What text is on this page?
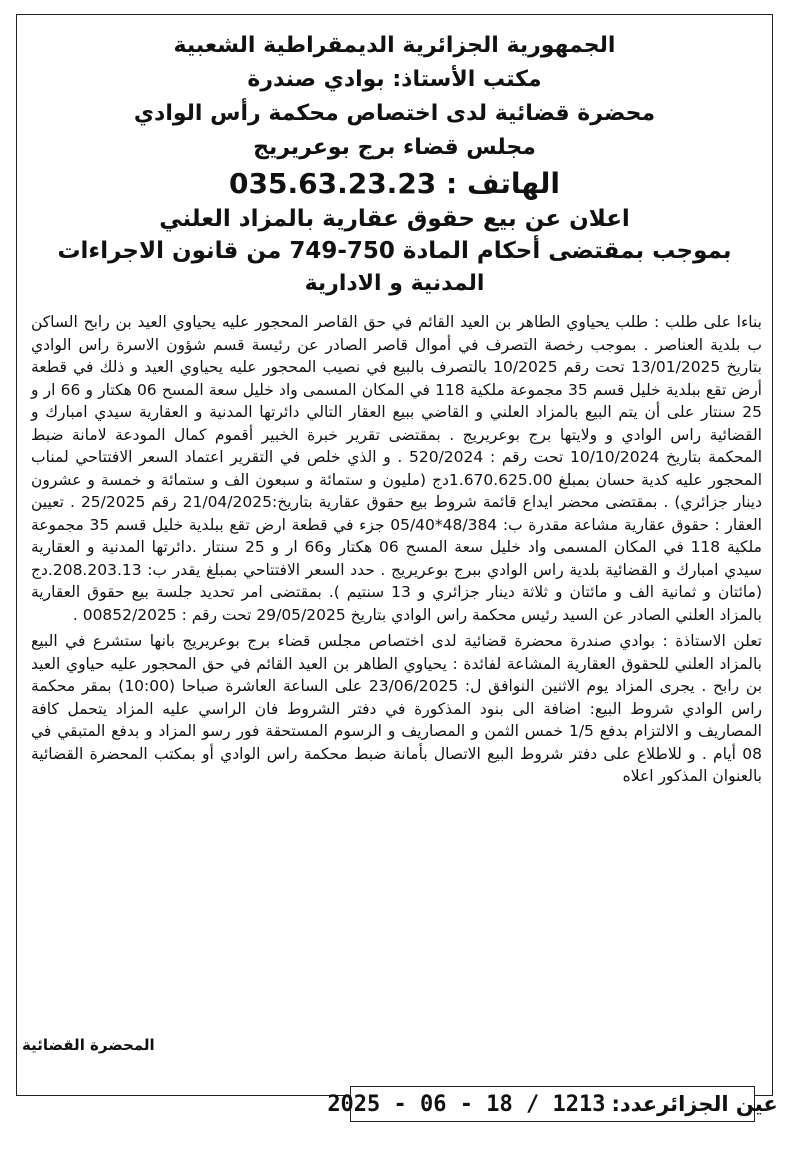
الجمهورية الجزائرية الديمقراطية الشعبية
مكتب الأستاذ: بوادي صندرة
محضرة قضائية لدى اختصاص محكمة رأس الوادي
مجلس قضاء برج بوعريريج
الهاتف : 035.63.23.23
اعلان عن بيع حقوق عقارية بالمزاد العلني
بموجب بمقتضى أحكام المادة 750-749 من قانون الاجراءات
المدنية و الادارية

بناءا على طلب : طلب يحياوي الطاهر بن العيد القائم في حق القاصر المحجور عليه يحياوي العيد بن رابح الساكن ب بلدية العناصر . بموجب رخصة التصرف في أموال قاصر الصادر عن رئيسة قسم شؤون الاسرة راس الوادي بتاريخ 13/01/2025 تحت رقم 10/2025 بالتصرف بالبيع في نصيب المحجور عليه يحياوي العيد و ذلك في قطعة أرض تقع ببلدية خليل قسم 35 مجموعة ملكية 118 في المكان المسمى واد خليل سعة المسح 06 هكتار و 66 ار و 25 سنتار على أن يتم البيع بالمزاد العلني و القاضي ببيع العقار التالي دائرتها المدنية و العقارية سيدي امبارك و القضائية راس الوادي و ولايتها برج بوعريريج . بمقتضى تقرير خبرة الخبير أقموم كمال المودعة لامانة ضبط المحكمة بتاريخ 10/10/2024 تحت رقم : 520/2024 . و الذي خلص في التقرير اعتماد السعر الافتتاحي لمناب المحجور عليه كدية حسان بمبلغ 1.670.625.00دج (مليون و ستمائة و سبعون الف و ستمائة و خمسة و عشرون دينار جزائري) . بمقتضى محضر ايداع قائمة شروط بيع حقوق عقارية بتاريخ:21/04/2025 رقم 25/2025 . تعيين العقار : حقوق عقارية مشاعة مقدرة ب: 48/384*05/40 جزء في قطعة ارض تقع ببلدية خليل قسم 35 مجموعة ملكية 118 في المكان المسمى واد خليل سعة المسح 06 هكتار و66 ار و 25 سنتار .دائرتها المدنية و العقارية سيدي امبارك و القضائية بلدية راس الوادي ببرج بوعريريج . حدد السعر الافتتاحي بمبلغ يقدر ب: 208.203.13.دج (مائتان و ثمانية الف و مائتان و ثلاثة دينار جزائري و 13 سنتيم ). بمقتضى امر تحديد جلسة بيع حقوق العقارية بالمزاد العلني الصادر عن السيد رئيس محكمة راس الوادي بتاريخ 29/05/2025 تحت رقم : 00852/2025 .

تعلن الاستاذة : بوادي صندرة محضرة قضائية لدى اختصاص مجلس قضاء برج بوعريريج بانها ستشرع في البيع بالمزاد العلني للحقوق العقارية المشاعة لفائدة : يحياوي الطاهر بن العيد القائم في حق المحجور عليه حياوي العيد بن رابح . يجرى المزاد يوم الاثنين النوافق ل: 23/06/2025 على الساعة العاشرة صباحا (10:00) بمقر محكمة راس الوادي شروط البيع: اضافة الى بنود المذكورة في دفتر الشروط فان الراسي عليه المزاد يتحمل كافة المصاريف و الالتزام بدفع 1/5 خمس الثمن و المصاريف و الرسوم المستحقة فور رسو المزاد و بدفع المتبقي في 08 أيام . و للاطلاع على دفتر شروط البيع الاتصال بأمانة ضبط محكمة راس الوادي أو بمكتب المحضرة القضائية بالعنوان المذكور اعلاه

المحضرة القضائية
عين الجزائرعدد:
2025 - 06 - 18 / 1213
